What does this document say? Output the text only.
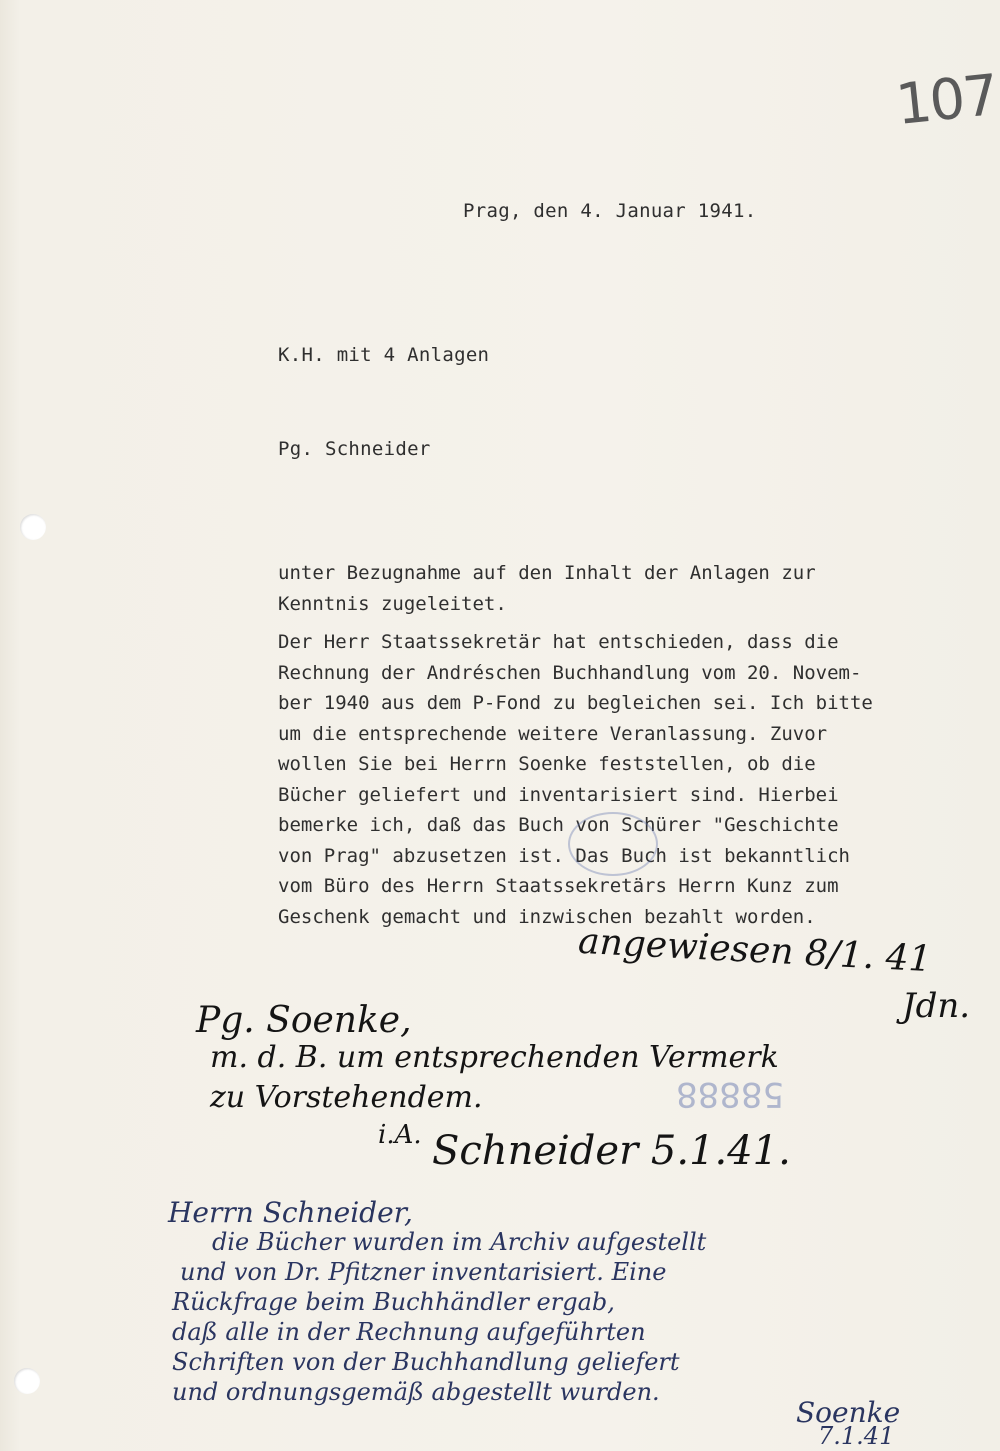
107
Prag, den 4. Januar 1941.
K.H. mit 4 Anlagen
Pg. Schneider
unter Bezugnahme auf den Inhalt der Anlagen zur
Kenntnis zugeleitet.
Der Herr Staatssekretär hat entschieden, dass die
Rechnung der Andréschen Buchhandlung vom 20. Novem-
ber 1940 aus dem P-Fond zu begleichen sei. Ich bitte
um die entsprechende weitere Veranlassung. Zuvor
wollen Sie bei Herrn Soenke feststellen, ob die
Bücher geliefert und inventarisiert sind. Hierbei
bemerke ich, daß das Buch von Schürer "Geschichte
von Prag" abzusetzen ist. Das Buch ist bekanntlich
vom Büro des Herrn Staatssekretärs Herrn Kunz zum
Geschenk gemacht und inzwischen bezahlt worden.
angewiesen 8/1. 41
Jdn.
Pg. Soenke,
m. d. B. um entsprechenden Vermerk
zu Vorstehendem.
i.A. Schneider 5.1.41.
58888
Herrn Schneider,
die Bücher wurden im Archiv aufgestellt
und von Dr. Pfitzner inventarisiert. Eine
Rückfrage beim Buchhändler ergab,
daß alle in der Rechnung aufgeführten
Schriften von der Buchhandlung geliefert
und ordnungsgemäß abgestellt wurden.
Soenke
7.1.41
